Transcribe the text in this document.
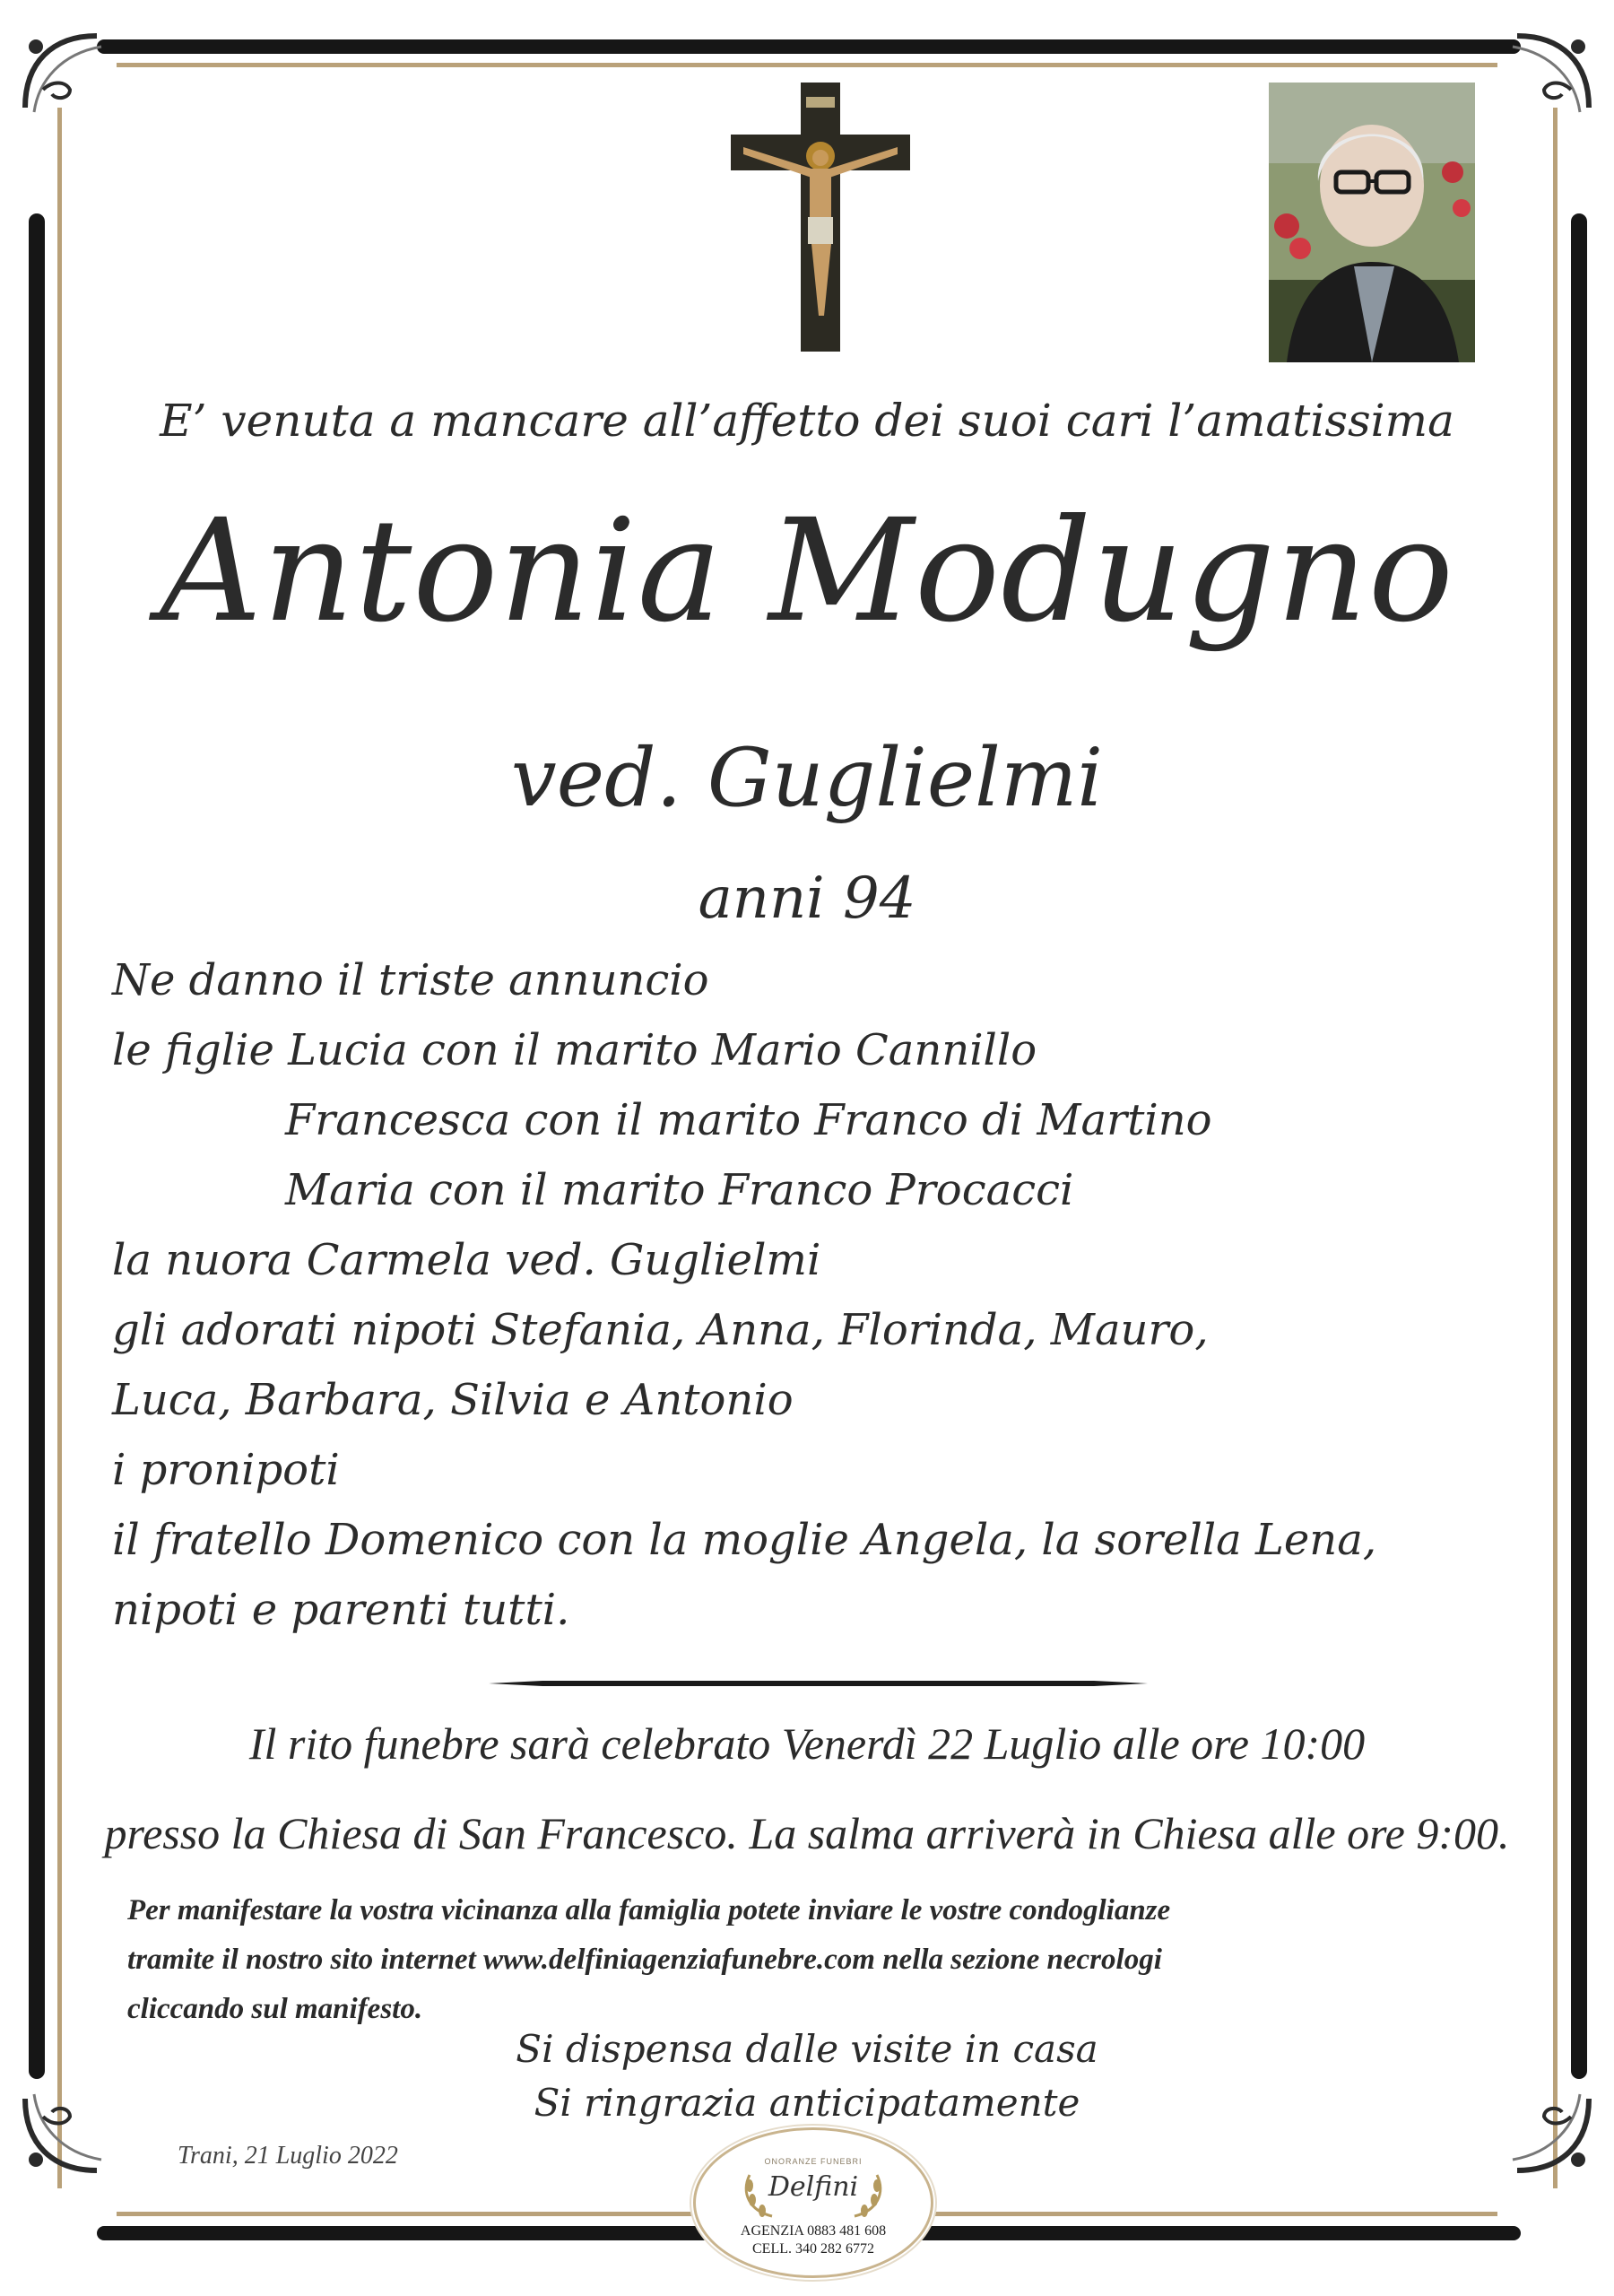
E’ venuta a mancare all’affetto dei suoi cari l’amatissima
Antonia Modugno
ved. Guglielmi
anni 94
Ne danno il triste annuncio
le figlie Lucia con il marito Mario Cannillo
Francesca con il marito Franco di Martino
Maria con il marito Franco Procacci
la nuora Carmela ved. Guglielmi
gli adorati nipoti Stefania, Anna, Florinda, Mauro,
Luca, Barbara, Silvia e Antonio
i pronipoti
il fratello Domenico con la moglie Angela, la sorella Lena,
nipoti e parenti tutti.
Il rito funebre sarà celebrato Venerdì 22 Luglio alle ore 10:00
presso la Chiesa di San Francesco. La salma arriverà in Chiesa alle ore 9:00.
Per manifestare la vostra vicinanza alla famiglia potete inviare le vostre condoglianze
tramite il nostro sito internet www.delfiniagenziafunebre.com nella sezione necrologi
cliccando sul manifesto.
Si dispensa dalle visite in casa
Si ringrazia anticipatamente
Trani, 21 Luglio 2022	ONORANZE FUNEBRI
Delfini
AGENZIA 0883 481 608
CELL. 340 282 6772
